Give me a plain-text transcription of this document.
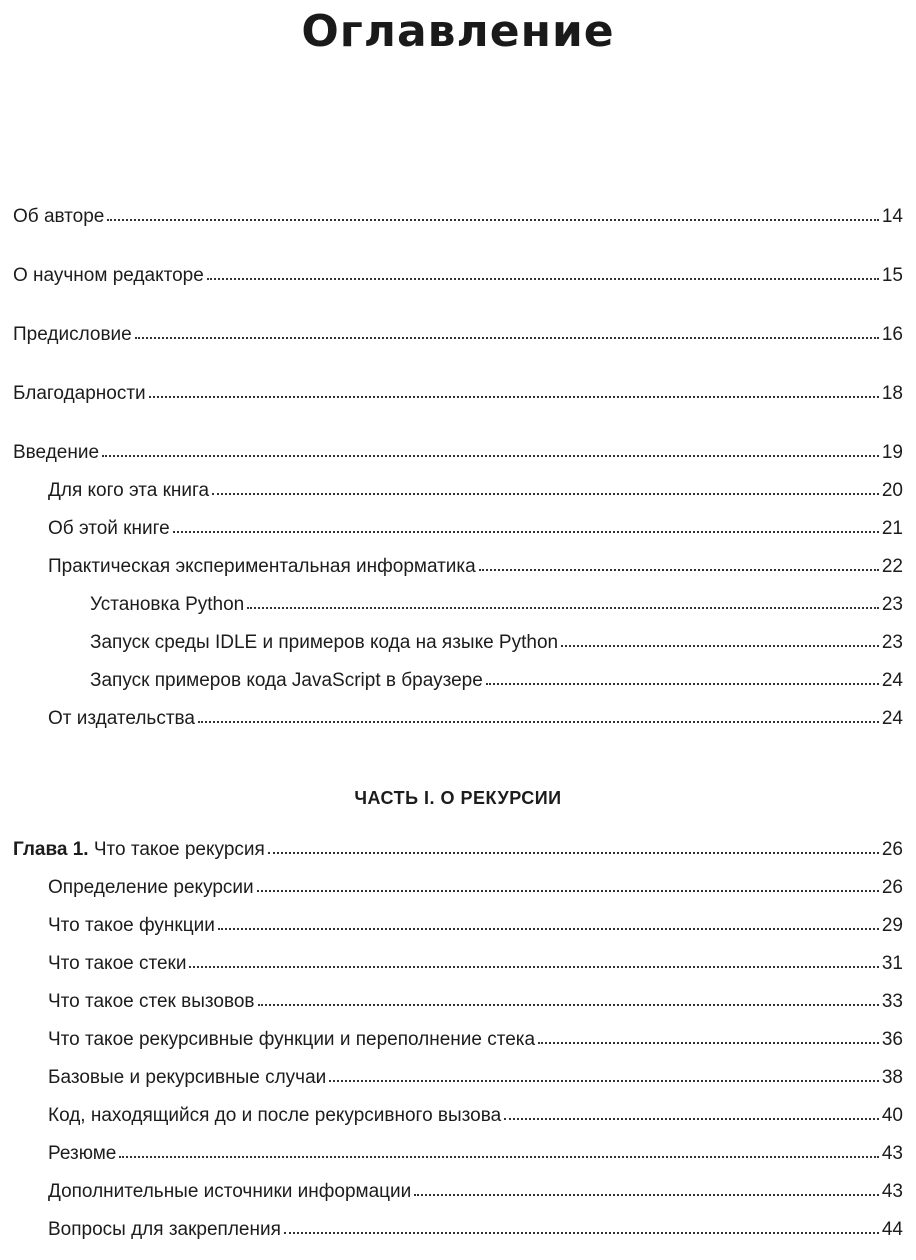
Оглавление
Об авторе	14
О научном редакторе	15
Предисловие	16
Благодарности	18
Введение	19
Для кого эта книга	20
Об этой книге	21
Практическая экспериментальная информатика	22
Установка Python	23
Запуск среды IDLE и примеров кода на языке Python	23
Запуск примеров кода JavaScript в браузере	24
От издательства	24
ЧАСТЬ I. О РЕКУРСИИ
Глава 1. Что такое рекурсия	26
Определение рекурсии	26
Что такое функции	29
Что такое стеки	31
Что такое стек вызовов	33
Что такое рекурсивные функции и переполнение стека	36
Базовые и рекурсивные случаи	38
Код, находящийся до и после рекурсивного вызова	40
Резюме	43
Дополнительные источники информации	43
Вопросы для закрепления	44
